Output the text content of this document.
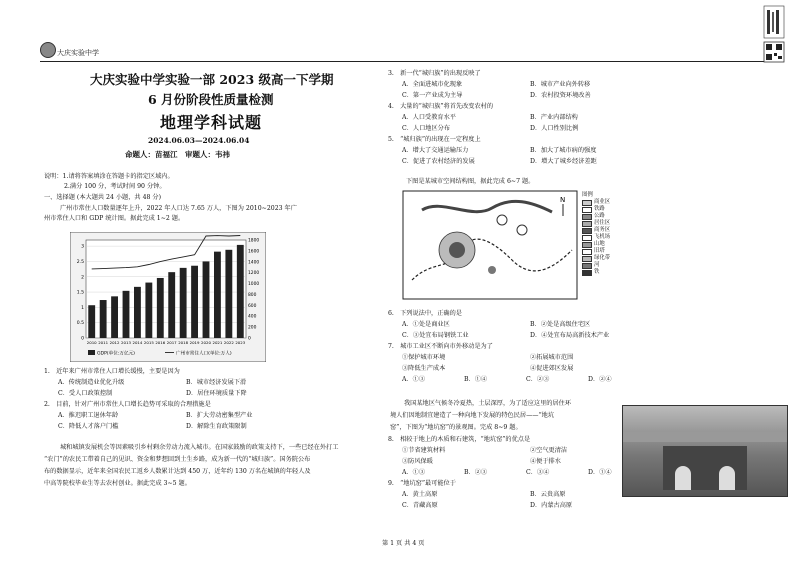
大庆实验中学
大庆实验中学实验一部 2023 级高一下学期
6 月份阶段性质量检测
地理学科试题
2024.06.03—2024.06.04
命题人：苗福江　审题人：韦祎
说明：1.请将答案填涂在答题卡的指定区域内。
2.满分 100 分，考试时间 90 分钟。
一、选择题 (本大题共 24 小题，共 48 分)
广州市常住人口数量逐年上升，2022 年人口达 7.65 万人，下图为 2010~2023 年广
州市常住人口和 GDP 统计图。据此完成 1~2 题。
0
0.5
1
1.5
2
2.5
3
0
200
400
600
800
1000
1200
1400
1600
1800
2010 2011 2012 2013 2014 2015 2016 2017 2018 2019 2020 2021 2022 2023
GDP(单位:万亿元)	广州市常住人口(单位:万人)
1.　近年来广州市常住人口增长缓慢，主要是因为
A．传统制造业优化升级	B．城市经济发展下滑
C．受人口政策控制	D．居住环境质量下降
2.　目前，针对广州市常住人口增长趋势可采取的合理措施是
A．推迟职工退休年龄	B．扩大劳动密集型产业
C．降低人才落户门槛	D．解除生育政策限制
城和城镇发展机会等因素吸引乡村剩余劳动力流入城市。在国家鼓励的政策支持下，一些已经在外打工
“农门”的农民工带着自己的见识、资金和梦想回到土生乡路，成为新一代的“城归族”。国务院公布
布的数据显示，近年来全国农民工返乡人数累计达到 450 万，近年约 130 万名在城镇的年轻人及
中高等院校毕业生等去农村创业。据此完成 3~5 题。
3.　新一代“城归族”的出现反映了
A．全面进城市化现象	B．城市产业向外转移
C．第一产业成为主导	D．农村投资环境改善
4.　大量的“城归族”将首先改变农村的
A．人口受教育水平	B．产业内部结构
C．人口地区分布	D．人口性别比例
5.　“城归族”的出现在一定程度上
A．增大了交通运输压力	B．加大了城市病的强度
C．促进了农村经济的发展	D．增大了城乡经济差距
下图是某城市空间结构图，据此完成 6~7 题。
N
图例
商业区
铁路
公路
居住区
商务区
飞机场
山地
旧塔
绿化带
河
铁
6.　下列说法中，正确的是
A．①处是商业区	B．②处是高级住宅区
C．③处宜布局钢铁工业	D．④处宜布局高新技术产业
7.　城市工业区不断向市外移动是为了
①保护城市环境	②拓展城市范围
③降低生产成本	④促进郊区发展
A．①③	B．①④	C．②③	D．②④
我国某地区气候冬冷夏热，土层深厚，为了适应这里的居住环
境人们因地制宜建造了一种向地下发展的特色民居——“地坑
窑”，下图为“地坑窑”的景观图。完成 8~9 题。
8.　相较于地上的木质和石建筑，“地坑窑”的优点是
①节省建筑材料	②空气更清洁
③防风保暖	④便于排水
A．①③	B．②③	C．③④	D．①④
9.　“地坑窑”最可能位于
A．黄土高原	B．云贵高原
C．青藏高原	D．内蒙古高原
第 1 页 共 4 页
